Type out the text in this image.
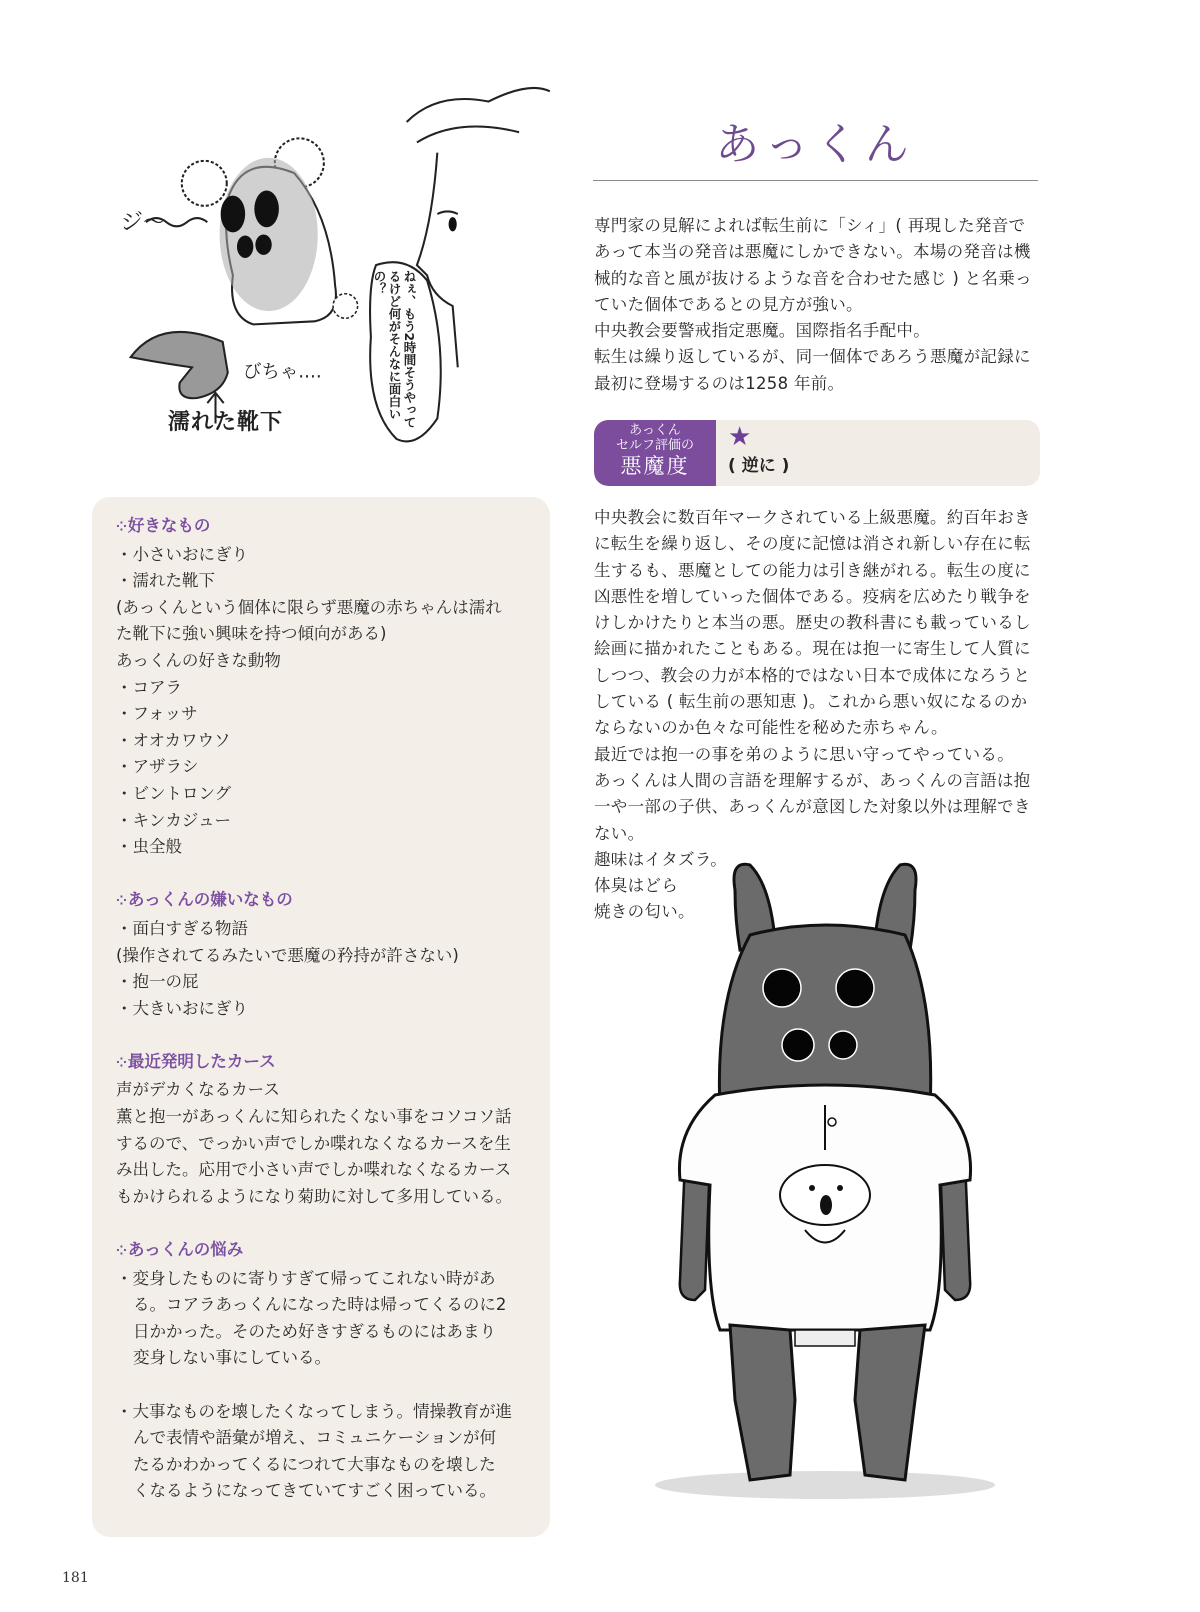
ジ〜
びちゃ....	ねぇ、もう2時間そうやってるけど何がそんなに面白いの？
濡れた靴下
あっくん

専門家の見解によれば転生前に「シィ」( 再現した発音で

あって本当の発音は悪魔にしかできない。本場の発音は機

械的な音と風が抜けるような音を合わせた感じ ) と名乗っ

ていた個体であるとの見方が強い。

中央教会要警戒指定悪魔。国際指名手配中。

転生は繰り返しているが、同一個体であろう悪魔が記録に

最初に登場するのは1258 年前。

あっくん
セルフ評価の
悪魔度
★
( 逆に )

中央教会に数百年マークされている上級悪魔。約百年おき

に転生を繰り返し、その度に記憶は消され新しい存在に転

生するも、悪魔としての能力は引き継がれる。転生の度に

凶悪性を増していった個体である。疫病を広めたり戦争を

けしかけたりと本当の悪。歴史の教科書にも載っているし

絵画に描かれたこともある。現在は抱一に寄生して人質に

しつつ、教会の力が本格的ではない日本で成体になろうと

している ( 転生前の悪知恵 )。これから悪い奴になるのか

ならないのか色々な可能性を秘めた赤ちゃん。

最近では抱一の事を弟のように思い守ってやっている。

あっくんは人間の言語を理解するが、あっくんの言語は抱

一や一部の子供、あっくんが意図した対象以外は理解でき

ない。

趣味はイタズラ。

体臭はどら

焼きの匂い。

⁘好きなもの
・小さいおにぎり
・濡れた靴下
(あっくんという個体に限らず悪魔の赤ちゃんは濡れ
た靴下に強い興味を持つ傾向がある)
あっくんの好きな動物
・コアラ
・フォッサ
・オオカワウソ
・アザラシ
・ビントロング
・キンカジュー
・虫全般
⁘あっくんの嫌いなもの
・面白すぎる物語
(操作されてるみたいで悪魔の矜持が許さない)
・抱一の屁
・大きいおにぎり
⁘最近発明したカース
声がデカくなるカース
薫と抱一があっくんに知られたくない事をコソコソ話
するので、でっかい声でしか喋れなくなるカースを生
み出した。応用で小さい声でしか喋れなくなるカース
もかけられるようになり菊助に対して多用している。
⁘あっくんの悩み
・変身したものに寄りすぎて帰ってこれない時があ
る。コアラあっくんになった時は帰ってくるのに2
日かかった。そのため好きすぎるものにはあまり
変身しない事にしている。
・大事なものを壊したくなってしまう。情操教育が進
んで表情や語彙が増え、コミュニケーションが何
たるかわかってくるにつれて大事なものを壊した
くなるようになってきていてすごく困っている。
181
